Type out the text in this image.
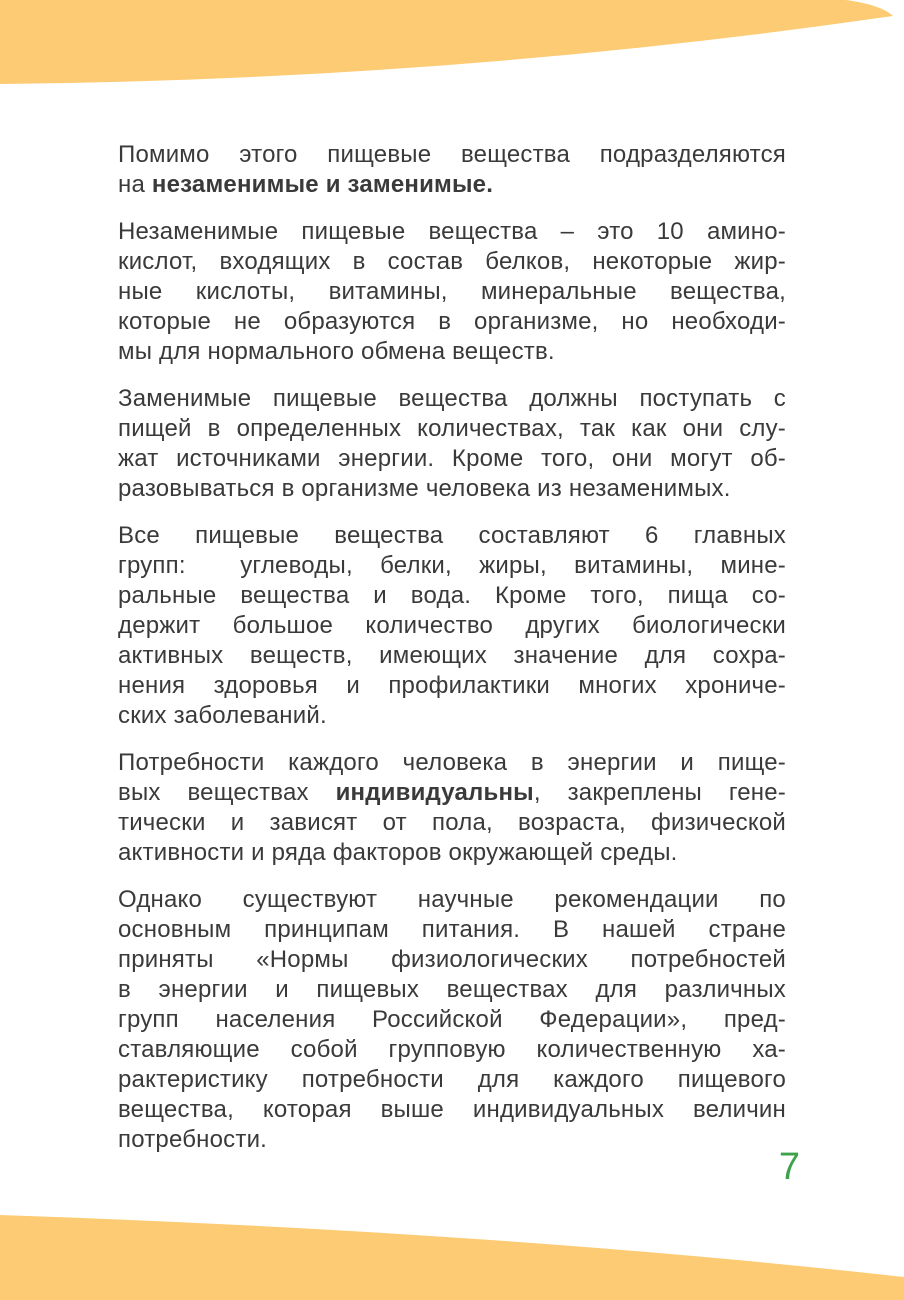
Помимо этого пищевые вещества подразделяются
на незаменимые и заменимые.
Незаменимые пищевые вещества – это 10 амино-
кислот, входящих в состав белков, некоторые жир-
ные кислоты, витамины, минеральные вещества,
которые не образуются в организме, но необходи-
мы для нормального обмена веществ.
Заменимые пищевые вещества должны поступать с
пищей в определенных количествах, так как они слу-
жат источниками энергии. Кроме того, они могут об-
разовываться в организме человека из незаменимых.
Все пищевые вещества составляют 6 главных
групп:  углеводы, белки, жиры, витамины, мине-
ральные вещества и вода. Кроме того, пища со-
держит большое количество других биологически
активных веществ, имеющих значение для сохра-
нения здоровья и профилактики многих хрониче-
ских заболеваний.
Потребности каждого человека в энергии и пище-
вых веществах индивидуальны, закреплены гене-
тически и зависят от пола, возраста, физической
активности и ряда факторов окружающей среды.
Однако существуют научные рекомендации по
основным принципам питания. В нашей стране
приняты «Нормы физиологических потребностей
в энергии и пищевых веществах для различных
групп населения Российской Федерации», пред-
ставляющие собой групповую количественную ха-
рактеристику потребности для каждого пищевого
вещества, которая выше индивидуальных величин
потребности.
7
